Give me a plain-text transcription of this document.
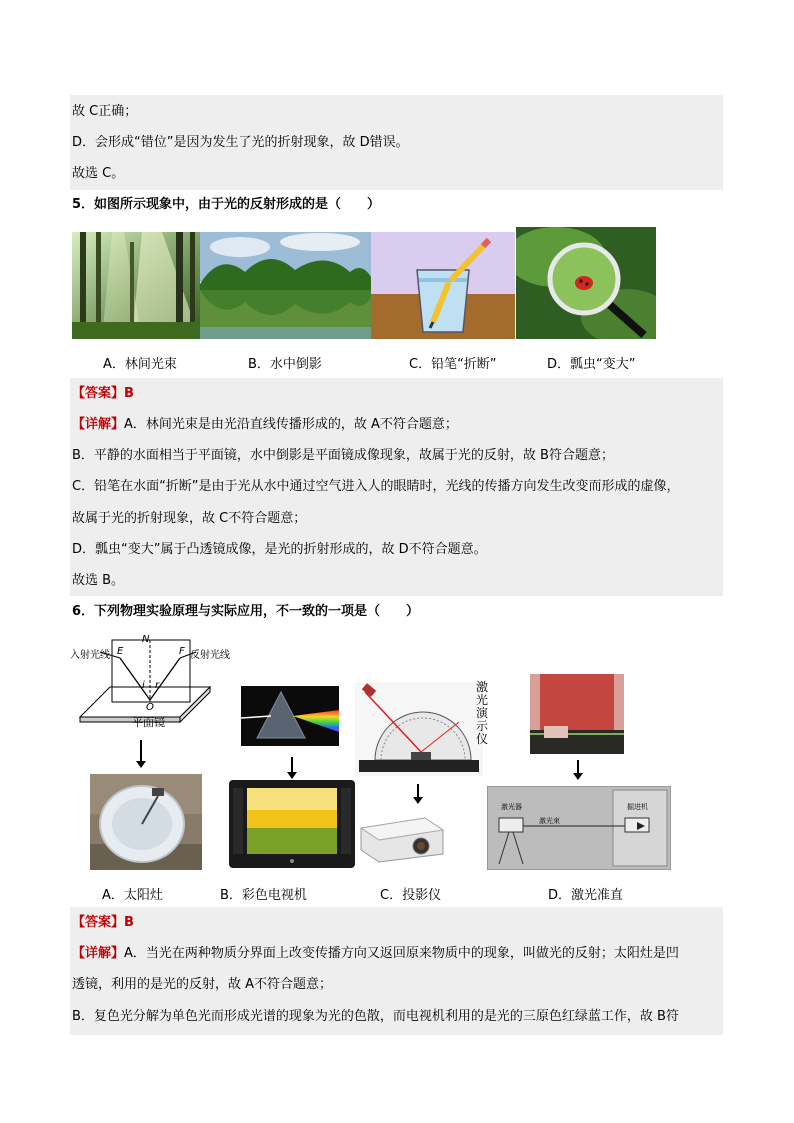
故 C正确；
D．会形成“错位”是因为发生了光的折射现象，故 D错误。
故选 C。
5．如图所示现象中，由于光的反射形成的是（　　）
A．林间光束	B．水中倒影	C．铅笔“折断”	D．瓢虫“变大”
【答案】B
【详解】A．林间光束是由光沿直线传播形成的，故 A不符合题意；
B．平静的水面相当于平面镜，水中倒影是平面镜成像现象，故属于光的反射，故 B符合题意；
C．铅笔在水面“折断”是由于光从水中通过空气进入人的眼睛时，光线的传播方向发生改变而形成的虚像，
故属于光的折射现象，故 C不符合题意；
D．瓢虫“变大”属于凸透镜成像，是光的折射形成的，故 D不符合题意。
故选 B。
6．下列物理实验原理与实际应用，不一致的一项是（　　）
入射光线	反射光线
N
E	F
i r
O
平面镜
激
光
演
示
仪
激光器
激光束
掘进机
A．太阳灶	B．彩色电视机	C．投影仪	D．激光准直
【答案】B
【详解】A．当光在两种物质分界面上改变传播方向又返回原来物质中的现象，叫做光的反射；太阳灶是凹
透镜，利用的是光的反射，故 A不符合题意；
B．复色光分解为单色光而形成光谱的现象为光的色散，而电视机利用的是光的三原色红绿蓝工作，故 B符
